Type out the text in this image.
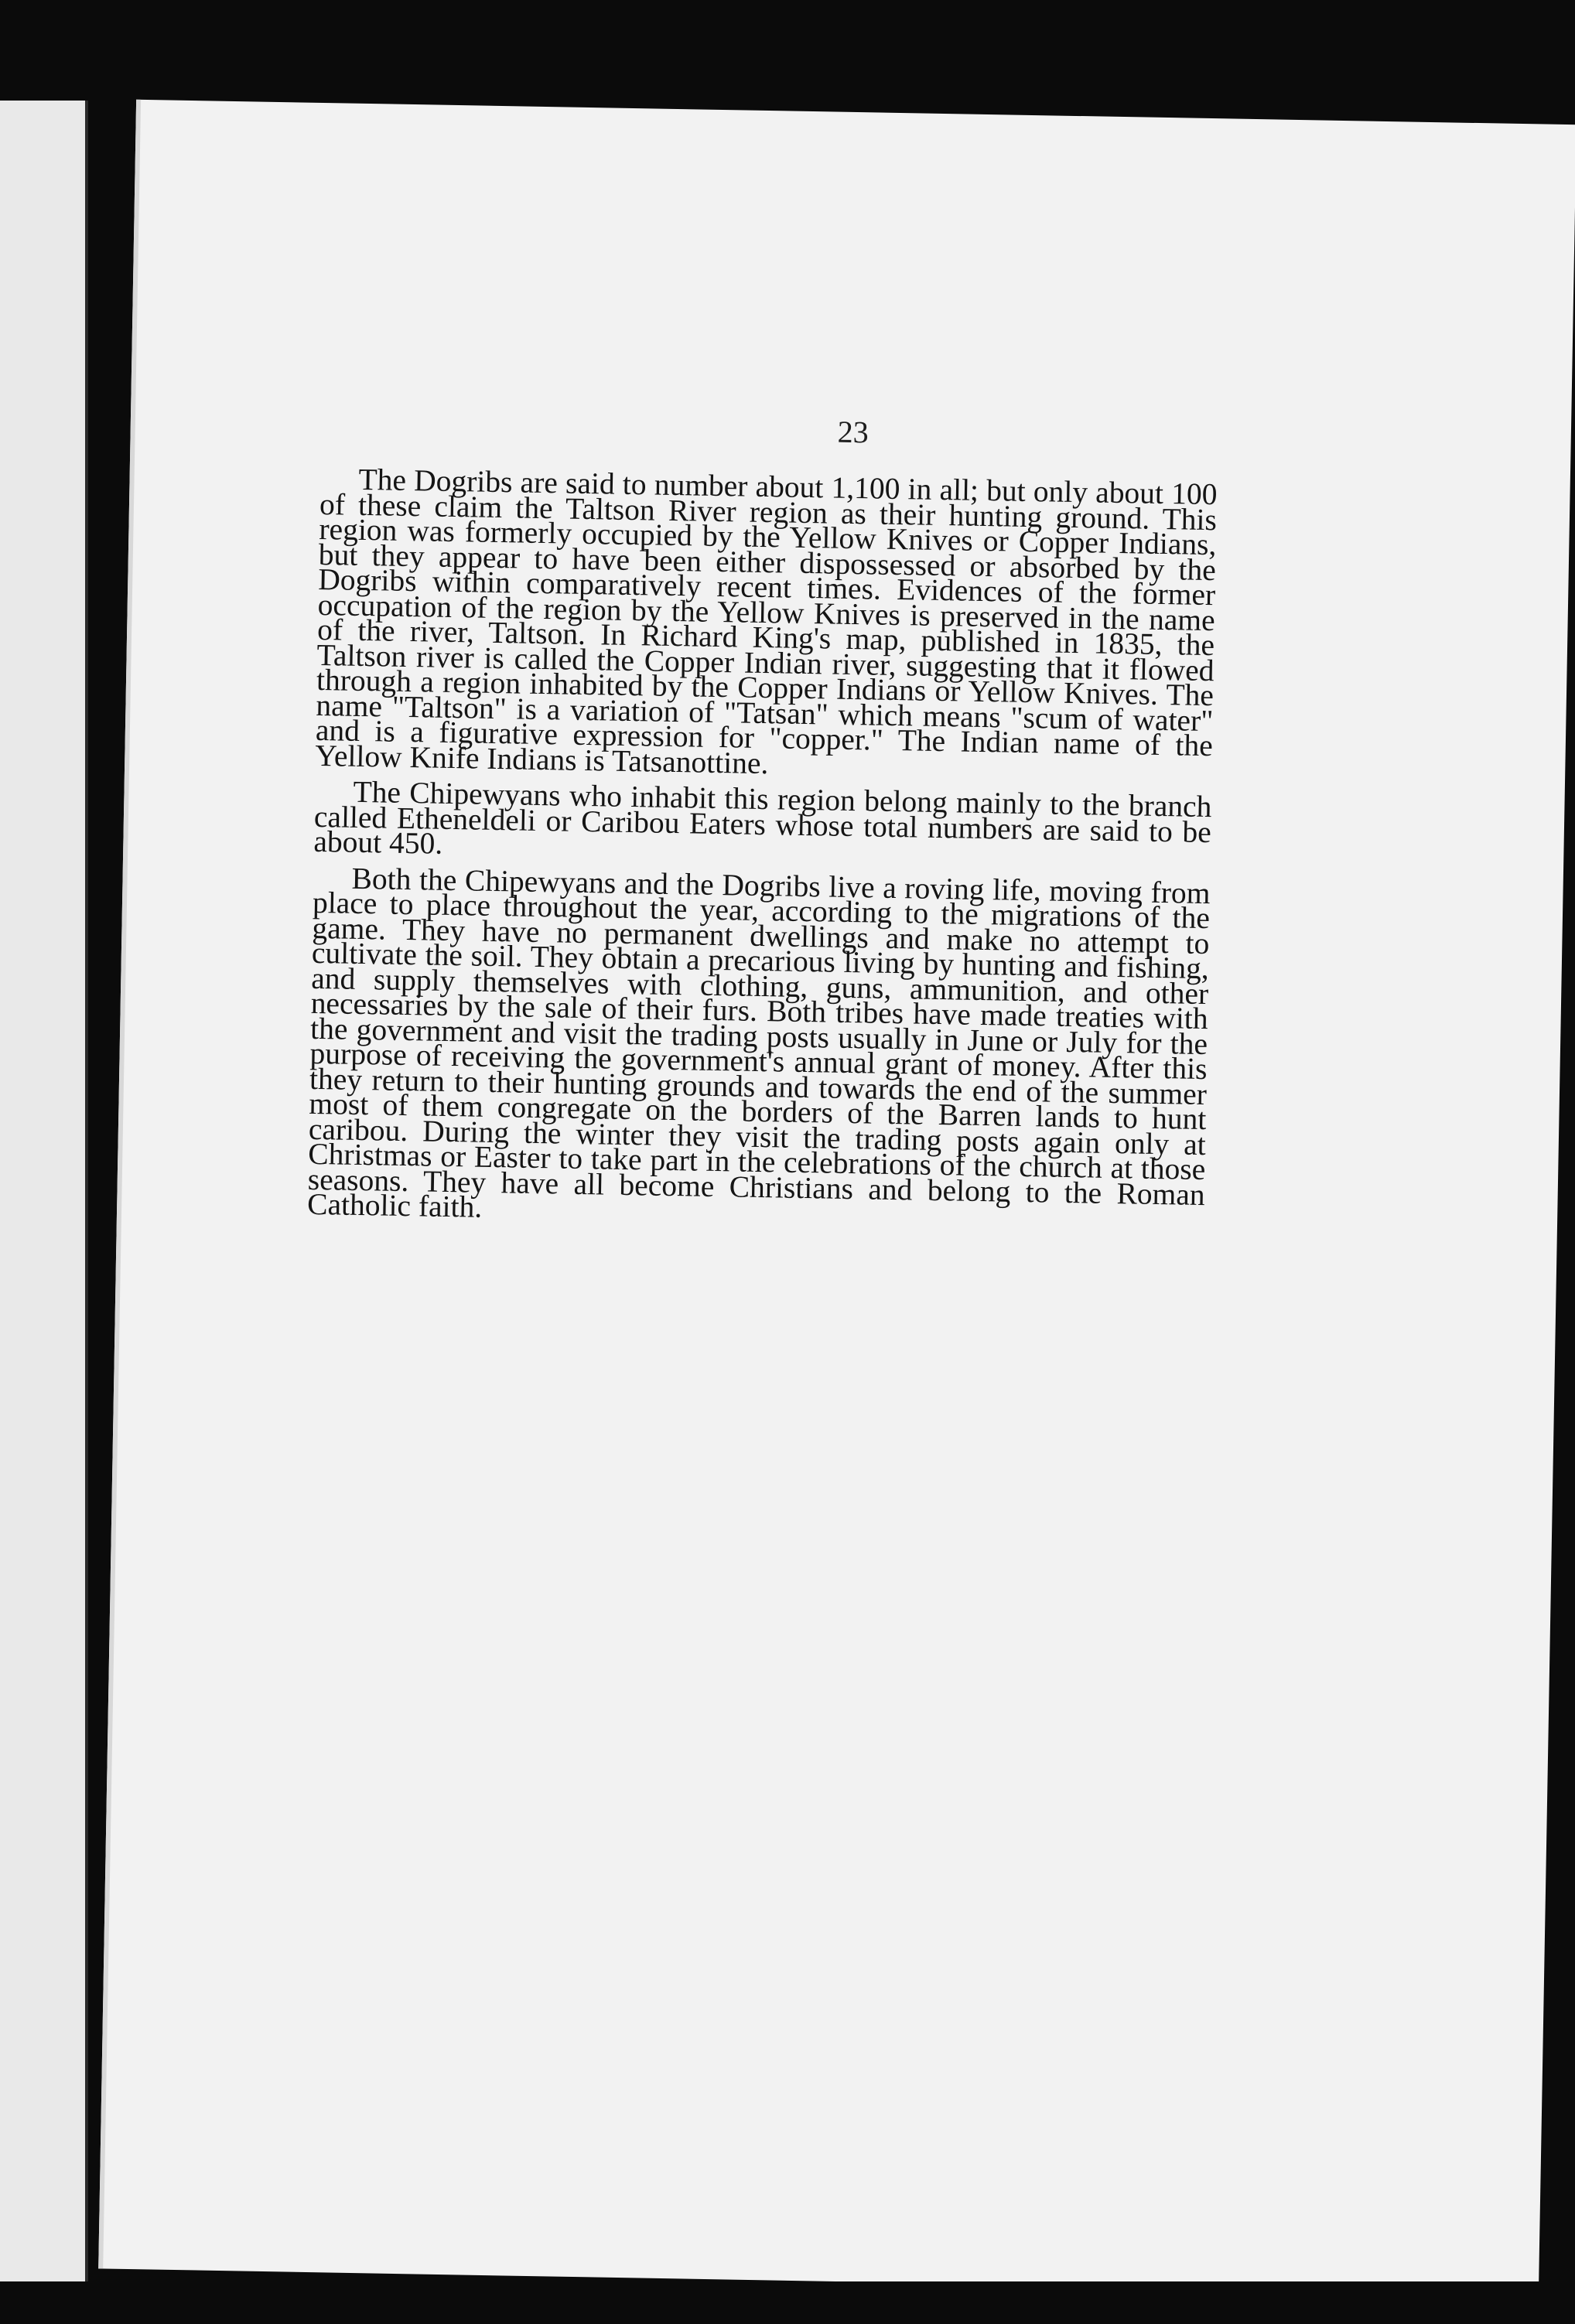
23

The Dogribs are said to number about 1,100 in all; but only about 100 of these claim the Taltson River region as their hunting ground. This region was formerly occupied by the Yellow Knives or Copper Indians, but they appear to have been either dispossessed or absorbed by the Dogribs within comparatively recent times. Evidences of the former occupation of the region by the Yellow Knives is preserved in the name of the river, Taltson. In Richard King's map, published in 1835, the Taltson river is called the Copper Indian river, suggesting that it flowed through a region inhabited by the Copper Indians or Yellow Knives. The name "Taltson" is a variation of "Tatsan" which means "scum of water" and is a figurative expression for "copper." The Indian name of the Yellow Knife Indians is Tatsanottine.

The Chipewyans who inhabit this region belong mainly to the branch called Etheneldeli or Caribou Eaters whose total numbers are said to be about 450.

Both the Chipewyans and the Dogribs live a roving life, moving from place to place throughout the year, according to the migrations of the game. They have no permanent dwellings and make no attempt to cultivate the soil. They obtain a precarious living by hunting and fishing, and supply themselves with clothing, guns, ammunition, and other necessaries by the sale of their furs. Both tribes have made treaties with the government and visit the trading posts usually in June or July for the purpose of receiving the government's annual grant of money. After this they return to their hunting grounds and towards the end of the summer most of them congregate on the borders of the Barren lands to hunt caribou. During the winter they visit the trading posts again only at Christmas or Easter to take part in the celebrations of the church at those seasons. They have all become Christians and belong to the Roman Catholic faith.
